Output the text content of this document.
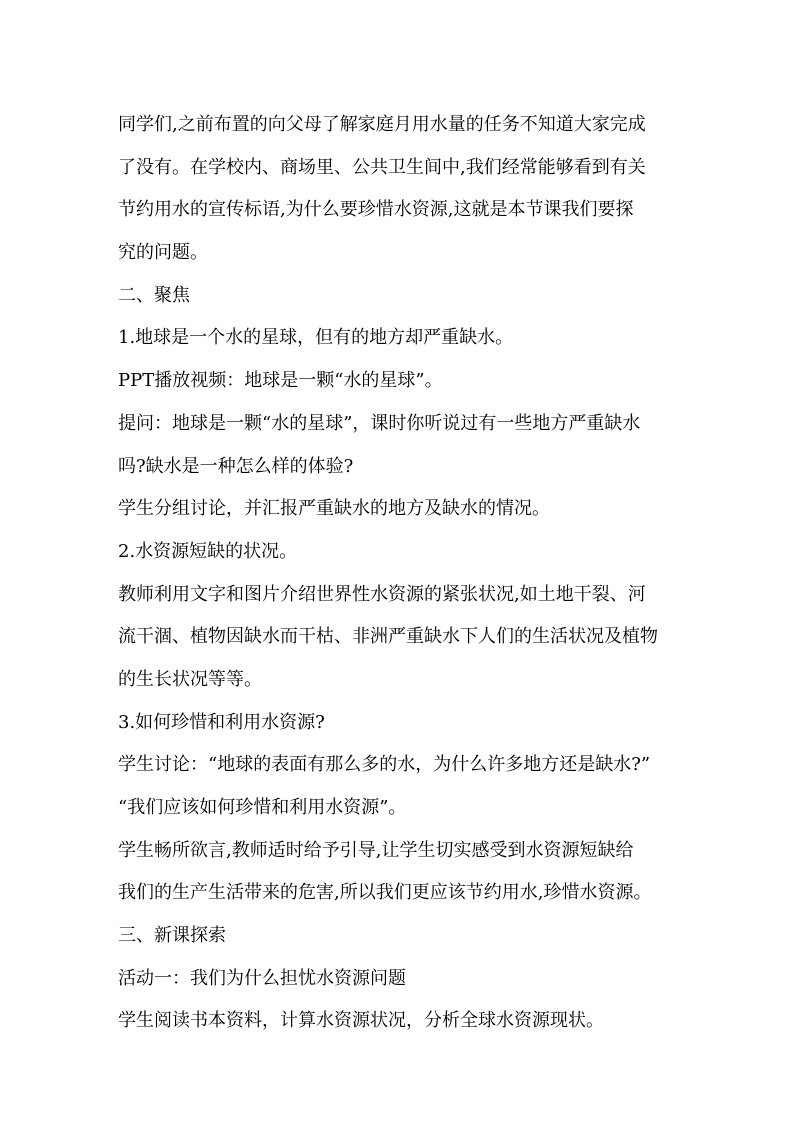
同学们,之前布置的向父母了解家庭月用水量的任务不知道大家完成
了没有。在学校内、商场里、公共卫生间中,我们经常能够看到有关
节约用水的宣传标语,为什么要珍惜水资源,这就是本节课我们要探
究的问题。
二、聚焦
1.地球是一个水的星球，但有的地方却严重缺水。
PPT播放视频：地球是一颗“水的星球”。
提问：地球是一颗“水的星球”，课时你听说过有一些地方严重缺水
吗?缺水是一种怎么样的体验?
学生分组讨论，并汇报严重缺水的地方及缺水的情况。
2.水资源短缺的状况。
教师利用文字和图片介绍世界性水资源的紧张状况,如土地干裂、河
流干涸、植物因缺水而干枯、非洲严重缺水下人们的生活状况及植物
的生长状况等等。
3.如何珍惜和利用水资源?
学生讨论：“地球的表面有那么多的水，为什么许多地方还是缺水?”
“我们应该如何珍惜和利用水资源”。
学生畅所欲言,教师适时给予引导,让学生切实感受到水资源短缺给
我们的生产生活带来的危害,所以我们更应该节约用水,珍惜水资源。
三、新课探索
活动一：我们为什么担忧水资源问题
学生阅读书本资料，计算水资源状况，分析全球水资源现状。
